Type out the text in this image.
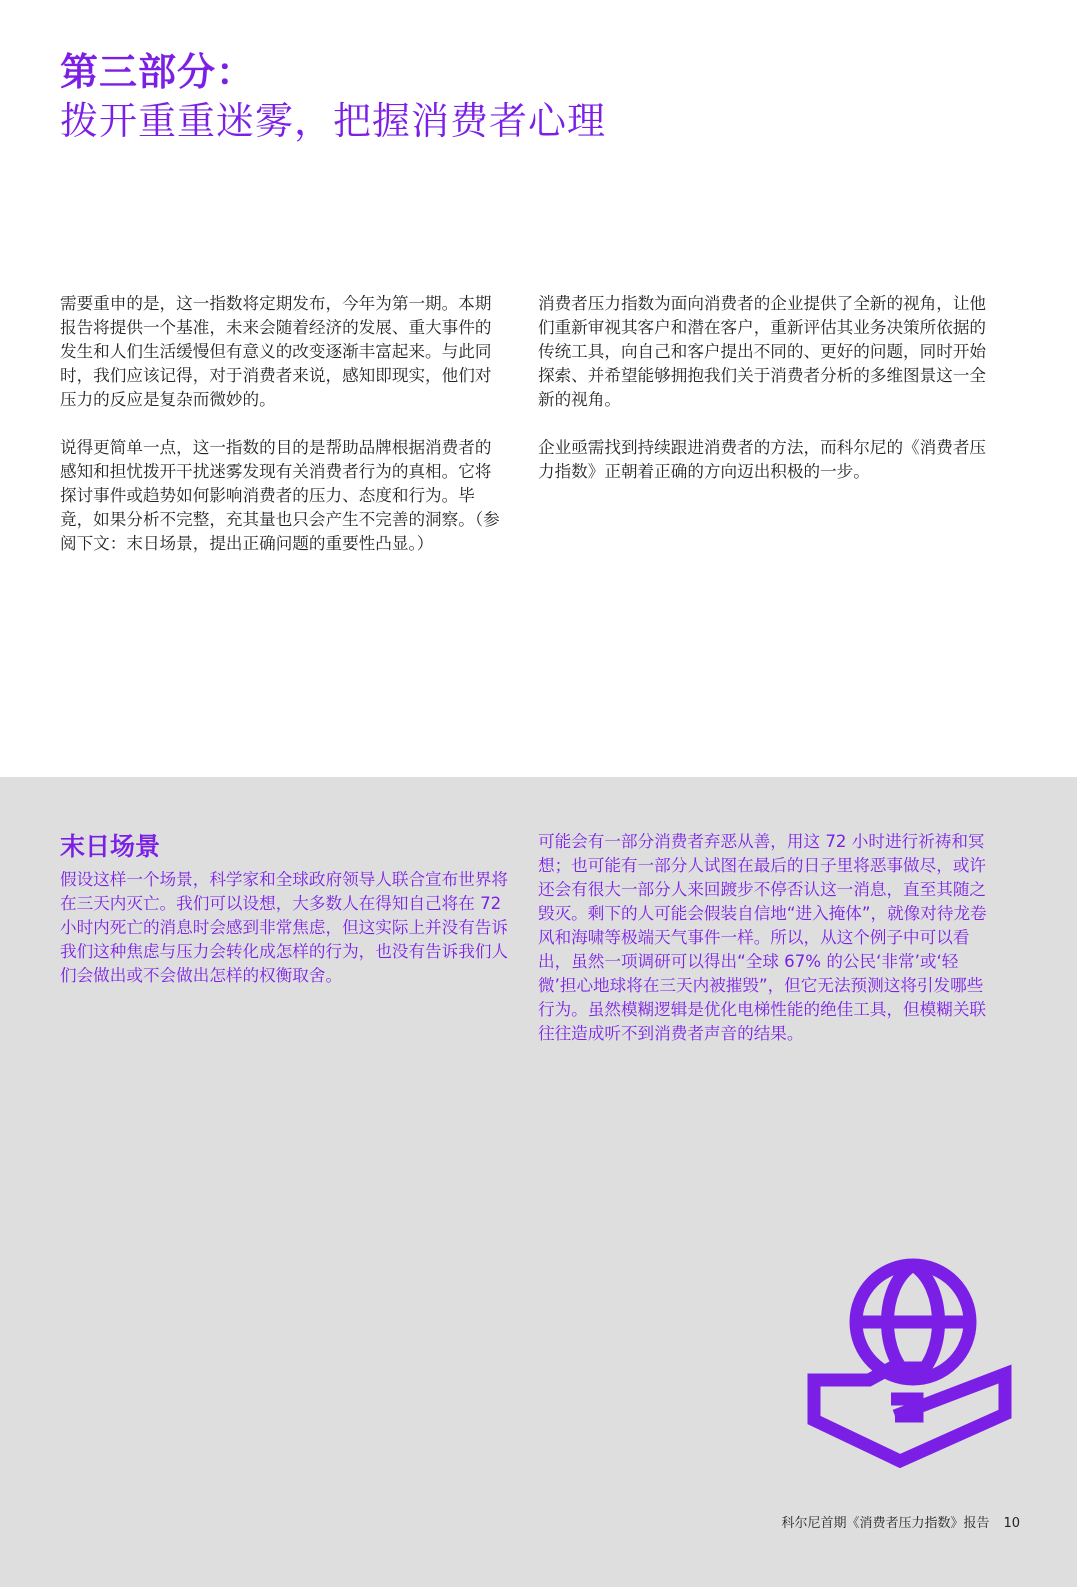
第三部分：
拨开重重迷雾，把握消费者心理

需要重申的是，这一指数将定期发布，今年为第一期。本期报告将提供一个基准，未来会随着经济的发展、重大事件的发生和人们生活缓慢但有意义的改变逐渐丰富起来。与此同时，我们应该记得，对于消费者来说，感知即现实，他们对压力的反应是复杂而微妙的。

说得更简单一点，这一指数的目的是帮助品牌根据消费者的感知和担忧拨开干扰迷雾发现有关消费者行为的真相。它将探讨事件或趋势如何影响消费者的压力、态度和行为。毕竟，如果分析不完整，充其量也只会产生不完善的洞察。（参阅下文：末日场景，提出正确问题的重要性凸显。）

消费者压力指数为面向消费者的企业提供了全新的视角，让他们重新审视其客户和潜在客户，重新评估其业务决策所依据的传统工具，向自己和客户提出不同的、更好的问题，同时开始探索、并希望能够拥抱我们关于消费者分析的多维图景这一全新的视角。

企业亟需找到持续跟进消费者的方法，而科尔尼的《消费者压力指数》正朝着正确的方向迈出积极的一步。

末日场景

假设这样一个场景，科学家和全球政府领导人联合宣布世界将在三天内灭亡。我们可以设想，大多数人在得知自己将在 72 小时内死亡的消息时会感到非常焦虑，但这实际上并没有告诉我们这种焦虑与压力会转化成怎样的行为，也没有告诉我们人们会做出或不会做出怎样的权衡取舍。

可能会有一部分消费者弃恶从善，用这 72 小时进行祈祷和冥想；也可能有一部分人试图在最后的日子里将恶事做尽，或许还会有很大一部分人来回踱步不停否认这一消息，直至其随之毁灭。剩下的人可能会假装自信地“进入掩体”，就像对待龙卷风和海啸等极端天气事件一样。所以，从这个例子中可以看出，虽然一项调研可以得出“全球 67% 的公民‘非常’或‘轻微’担心地球将在三天内被摧毁”，但它无法预测这将引发哪些行为。虽然模糊逻辑是优化电梯性能的绝佳工具，但模糊关联往往造成听不到消费者声音的结果。

科尔尼首期《消费者压力指数》报告 10
